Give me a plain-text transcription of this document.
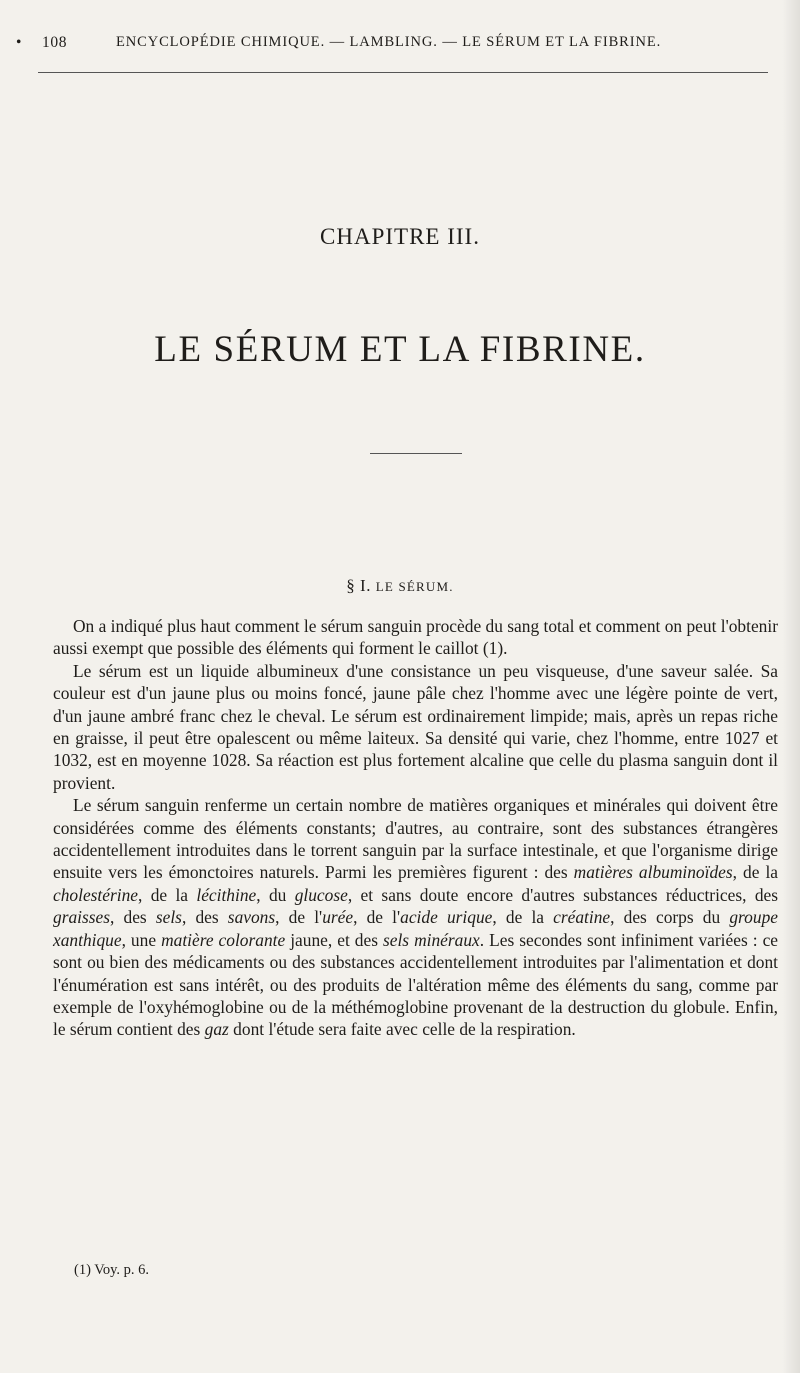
• 108	ENCYCLOPÉDIE CHIMIQUE. — LAMBLING. — LE SÉRUM ET LA FIBRINE.
CHAPITRE III.
LE SÉRUM ET LA FIBRINE.
§ I. LE SÉRUM.

On a indiqué plus haut comment le sérum sanguin procède du sang total et comment on peut l'obtenir aussi exempt que possible des éléments qui forment le caillot (1).

Le sérum est un liquide albumineux d'une consistance un peu visqueuse, d'une saveur salée. Sa couleur est d'un jaune plus ou moins foncé, jaune pâle chez l'homme avec une légère pointe de vert, d'un jaune ambré franc chez le cheval. Le sérum est ordinairement limpide; mais, après un repas riche en graisse, il peut être opalescent ou même laiteux. Sa densité qui varie, chez l'homme, entre 1027 et 1032, est en moyenne 1028. Sa réaction est plus fortement alcaline que celle du plasma sanguin dont il provient.

Le sérum sanguin renferme un certain nombre de matières organiques et minérales qui doivent être considérées comme des éléments constants; d'autres, au contraire, sont des substances étrangères accidentellement introduites dans le torrent sanguin par la surface intestinale, et que l'organisme dirige ensuite vers les émonctoires naturels. Parmi les premières figurent : des matières albuminoïdes, de la cholestérine, de la lécithine, du glucose, et sans doute encore d'autres substances réductrices, des graisses, des sels, des savons, de l'urée, de l'acide urique, de la créatine, des corps du groupe xanthique, une matière colorante jaune, et des sels minéraux. Les secondes sont infiniment variées : ce sont ou bien des médicaments ou des substances accidentellement introduites par l'alimentation et dont l'énumération est sans intérêt, ou des produits de l'altération même des éléments du sang, comme par exemple de l'oxyhémoglobine ou de la méthémoglobine provenant de la destruction du globule. Enfin, le sérum contient des gaz dont l'étude sera faite avec celle de la respiration.

(1) Voy. p. 6.
